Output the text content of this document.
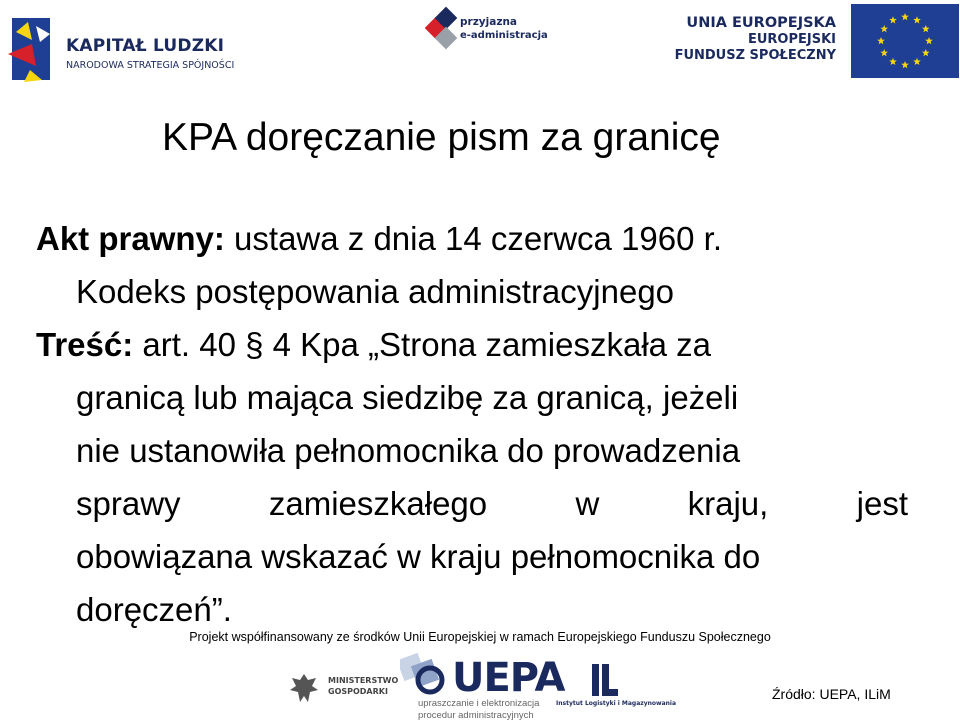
KAPITAŁ LUDZKI
NARODOWA STRATEGIA SPÓJNOŚCI
przyjazna
e-administracja
UNIA EUROPEJSKA
EUROPEJSKI
FUNDUSZ SPOŁECZNY
KPA doręczanie pism za granicę

Akt prawny: ustawa z dnia 14 czerwca 1960 r.

Kodeks postępowania administracyjnego

Treść: art. 40 § 4 Kpa „Strona zamieszkała za

granicą lub mająca siedzibę za granicą, jeżeli

nie ustanowiła pełnomocnika do prowadzenia

sprawy zamieszkałego w kraju, jest

obowiązana wskazać w kraju pełnomocnika do

doręczeń”.

Projekt współfinansowany ze środków Unii Europejskiej w ramach Europejskiego Funduszu Społecznego
MINISTERSTWO
GOSPODARKI UEPA
upraszczanie i elektronizacja
procedur administracyjnych
Instytut Logistyki i Magazynowania
Źródło: UEPA, ILiM
